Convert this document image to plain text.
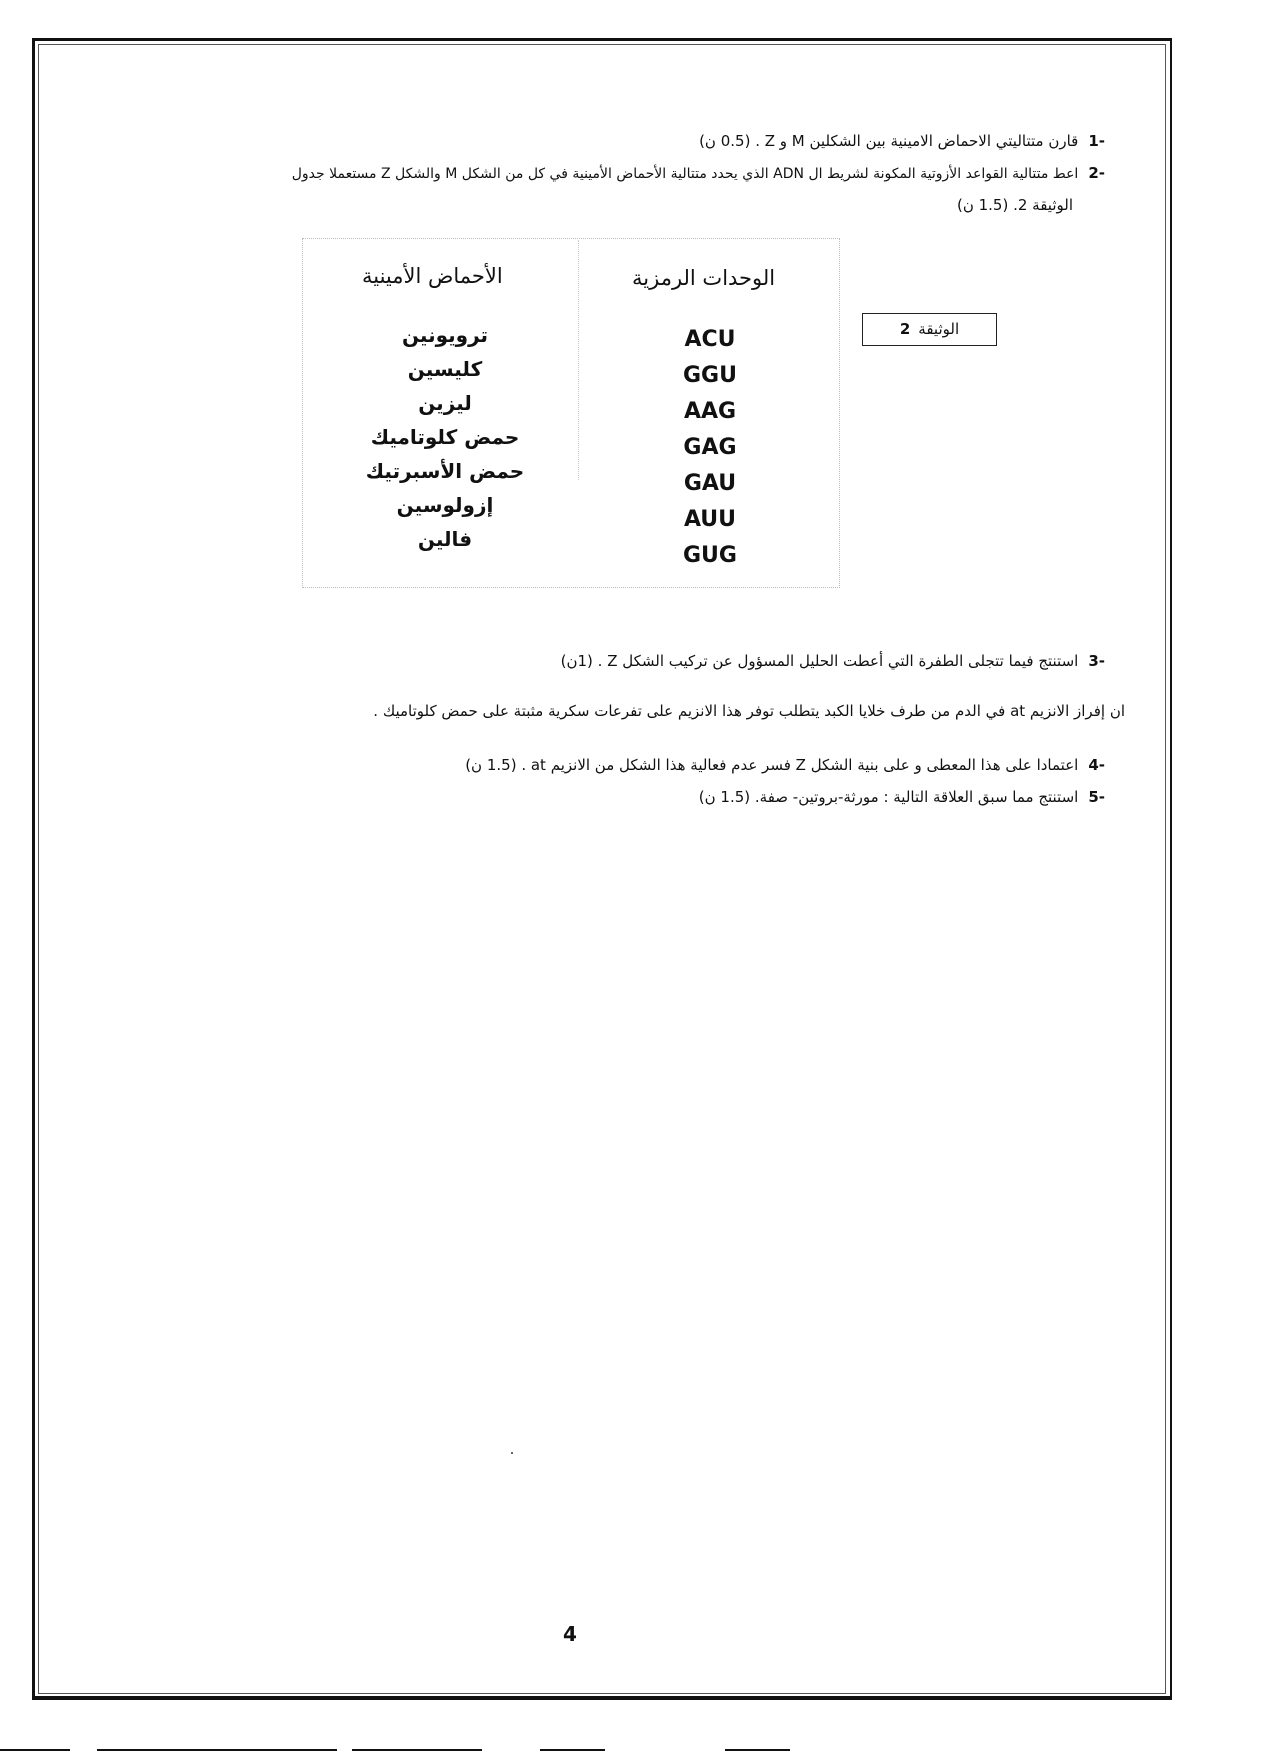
-1قارن متتاليتي الاحماض الامينية بين الشكلين M و Z . (0.5 ن)
-2اعط متتالية القواعد الأزوتية المكونة لشريط ال ADN الذي يحدد متتالية الأحماض الأمينية في كل من الشكل M والشكل Z مستعملا جدول
الوثيقة 2. (1.5 ن)
الأحماض الأمينية	الوحدات الرمزية
ترويونين
كليسين
ليزين
حمض كلوتاميك
حمض الأسبرتيك
إزولوسين
فالين
ACU
GGU
AAG
GAG
GAU
AUU
GUG
الوثيقة2
-3استنتج فيما تتجلى الطفرة التي أعطت الحليل المسؤول عن تركيب الشكل Z . (1ن)
ان إفراز الانزيم at في الدم من طرف خلايا الكبد يتطلب توفر هذا الانزيم على تفرعات سكرية مثبتة على حمض كلوتاميك .
-4اعتمادا على هذا المعطى و على بنية الشكل Z فسر عدم فعالية هذا الشكل من الانزيم at . (1.5 ن)
-5استنتج مما سبق العلاقة التالية : مورثة-بروتين- صفة. (1.5 ن)
4
